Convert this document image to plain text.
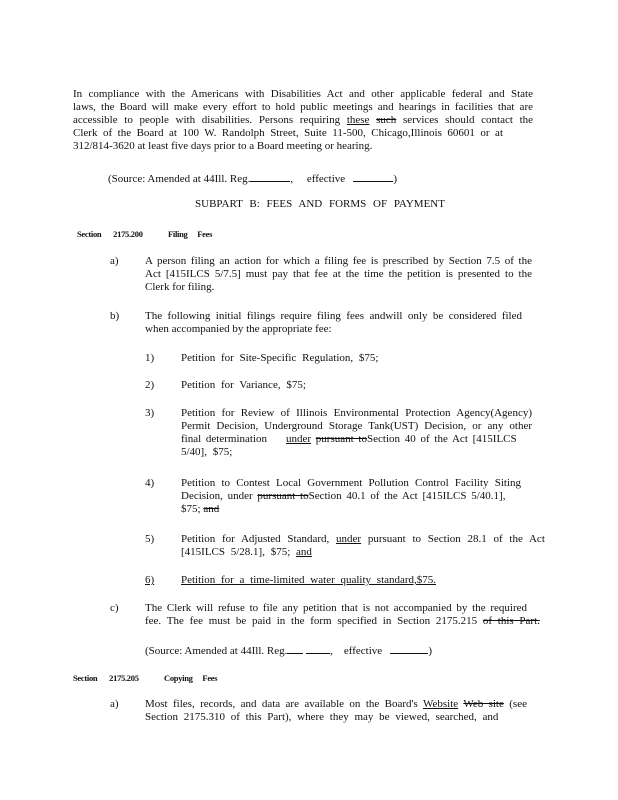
In compliance with the Americans with Disabilities Act and other applicable federal and State
laws, the Board will make every effort to hold public meetings and hearings in facilities that are
accessible to people with disabilities. Persons requiring these such services should contact the
Clerk of the Board at 100 W. Randolph Street, Suite 11-500, Chicago,Illinois 60601 or at
312/814-3620 at least five days prior to a Board meeting or hearing.
(Source: Amended at 44Ill. Reg.	,     effective	)
SUBPART B: FEES AND FORMS OF PAYMENT
Section 2175.200	Filing Fees
a) A person filing an action for which a filing fee is prescribed by Section 7.5 of the
Act [415ILCS 5/7.5] must pay that fee at the time the petition is presented to the
Clerk for filing.
b) The following initial filings require filing fees andwill only be considered filed
when accompanied by the appropriate fee:
1) Petition for Site-Specific Regulation, $75;
2) Petition for Variance, $75;
3) Petition for Review of Illinois Environmental Protection Agency(Agency)
Permit Decision, Underground Storage Tank(UST) Decision, or any other
final determination under pursuant toSection 40 of the Act [415ILCS
5/40], $75;
4) Petition to Contest Local Government Pollution Control Facility Siting
Decision, under pursuant toSection 40.1 of the Act [415ILCS 5/40.1],
$75; and
5) Petition for Adjusted Standard, under pursuant to Section 28.1 of the Act
[415ILCS 5/28.1], $75; and
6) Petition for a time-limited water quality standard,$75.
c) The Clerk will refuse to file any petition that is not accompanied by the required
fee. The fee must be paid in the form specified in Section 2175.215 of this Part.
(Source: Amended at 44Ill. Reg.	,    effective	)
Section 2175.205	Copying Fees
a) Most files, records, and data are available on the Board's Website Web site (see
Section 2175.310 of this Part), where they may be viewed, searched, and
